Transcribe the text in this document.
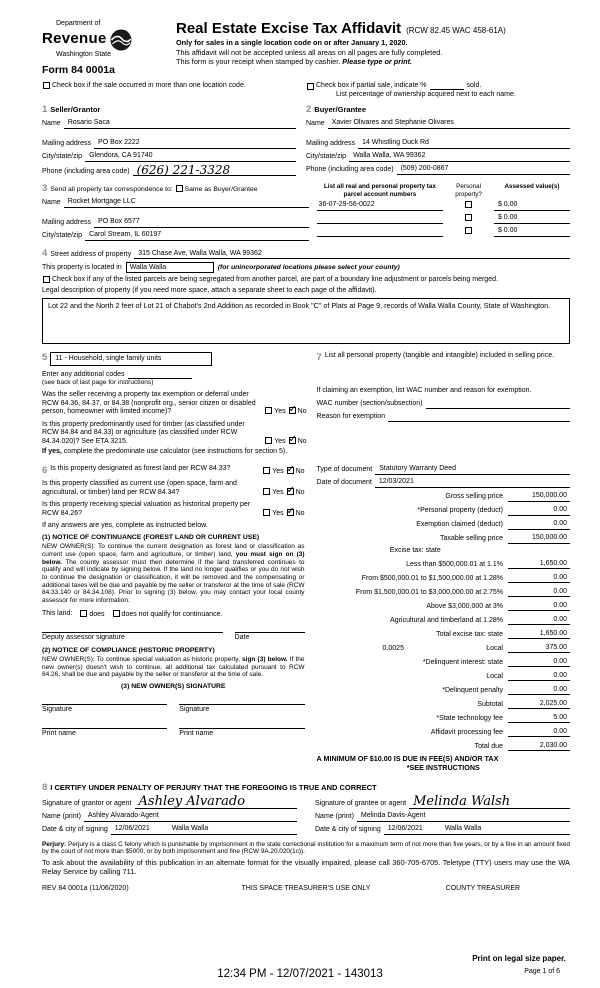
Department of
Revenue
Washington State
Form 84 0001a
Real Estate Excise Tax Affidavit (RCW 82.45 WAC 458-61A)
Only for sales in a single location code on or after January 1, 2020.
This affidavit will not be accepted unless all areas on all pages are fully completed.
This form is your receipt when stamped by cashier. Please type or print.
Check box if the sale occurred in more than one location code.	Check box if partial sale, indicate %	sold.
List percentage of ownership acquired next to each name.
1 Seller/Grantor
Name	Rosario Saca
Mailing address	PO Box 2222
City/state/zip	Glendora, CA 91740
Phone (including area code) (626) 221-3328
2 Buyer/Grantee
Name	Xavier Olivares and Stephanie Olivares
Mailing address	14 Whistling Duck Rd
City/state/zip	Walla Walla, WA 99362
Phone (including area code)	(509) 200-0867
3 Send all property tax correspondence to: Same as Buyer/Grantee
Name	Rocket Mortgage LLC
Mailing address	PO Box 6577
City/state/zip	Carol Stream, IL 60197
List all real and personal property tax parcel account numbers
Personal property?
Assessed value(s)
36-07-29-56-0022	$ 0.00
$ 0.00
$ 0.00
4 Street address of property	315 Chase Ave, Walla Walla, WA 99362
This property is located in	Walla Walla	(for unincorporated locations please select your county)
Check box if any of the listed parcels are being segregated from another parcel, are part of a boundary line adjustment or parcels being merged.
Legal description of property (if you need more space, attach a separate sheet to each page of the affidavit).
Lot 22 and the North 2 feet of Lot 21 of Chabot's 2nd Addition as recorded in Book "C" of Plats at Page 9, records of Walla Walla County, State of Washington.
5 11 - Household, single family units
Enter any additional codes
(see back of last page for instructions)
Was the seller receiving a property tax exemption or deferral under RCW 84.36, 84.37, or 84.38 (nonprofit org., senior citizen or disabled person, homeowner with limited income)?	Yes ✓ No
Is this property predominantly used for timber (as classified under RCW 84.84 and 84.33) or agriculture (as classified under RCW 84.34.020)? See ETA 3215.	Yes ✓ No
If yes, complete the predominate use calculator (see instructions for section 5).
7 List all personal property (tangible and intangible) included in selling price.
If claiming an exemption, list WAC number and reason for exemption.
WAC number (section/subsection)
Reason for exemption
6 Is this property designated as forest land per RCW 84.33?	Yes ✓ No
Is this property classified as current use (open space, farm and agricultural, or timber) land per RCW 84.34?	Yes ✓ No
Is this property receiving special valuation as historical property per RCW 84.26?	Yes ✓ No
If any answers are yes, complete as instructed below.
(1) NOTICE OF CONTINUANCE (FOREST LAND OR CURRENT USE)
NEW OWNER(S): To continue the current designation as forest land or classification as current use (open space, farm and agriculture, or timber) land, you must sign on (3) below. The county assessor must then determine if the land transferred continues to qualify and will indicate by signing below. If the land no longer qualifies or you do not wish to continue the designation or classification, it will be removed and the compensating or additional taxes will be due and payable by the seller or transferor at the time of sale (RCW 84.33.140 or 84.34.108). Prior to signing (3) below, you may contact your local county assessor for more information.
This land:	does	does not qualify for continuance.
Deputy assessor signature	Date
(2) NOTICE OF COMPLIANCE (HISTORIC PROPERTY)
NEW OWNER(S): To continue special valuation as historic property, sign (3) below. If the new owner(s) doesn't wish to continue, all additional tax calculated pursuant to RCW 84.26, shall be due and payable by the seller or transferor at the time of sale.
(3) NEW OWNER(S) SIGNATURE
Signature	Signature
Print name	Print name
Type of document	Statutory Warranty Deed
Date of document	12/03/2021
Gross selling price	150,000.00
*Personal property (deduct)	0.00
Exemption claimed (deduct)	0.00
Taxable selling price	150,000.00
Excise tax: state
Less than $500,000.01 at 1.1%	1,650.00
From $500,000.01 to $1,500,000.00 at 1.28%	0.00
From $1,500,000.01 to $3,000,000.00 at 2.75%	0.00
Above $3,000,000 at 3%	0.00
Agricultural and timberland at 1.28%	0.00
Total excise tax: state	1,650.00
0.0025	Local	375.00
*Delinquent interest: state	0.00
Local	0.00
*Delinquent penalty	0.00
Subtotal	2,025.00
*State technology fee	5.00
Affidavit processing fee	0.00
Total due	2,030.00
A MINIMUM OF $10.00 IS DUE IN FEE(S) AND/OR TAX
*SEE INSTRUCTIONS
8 I CERTIFY UNDER PENALTY OF PERJURY THAT THE FOREGOING IS TRUE AND CORRECT
Signature of grantor or agent Ashley Alvarado
Name (print)	Ashley Alvarado-Agent
Date & city of signing	12/06/2021	Walla Walla
Signature of grantee or agent Melinda Walsh
Name (print)	Melinda Davis-Agent
Date & city of signing	12/06/2021	Walla Walla
Perjury: Perjury is a class C felony which is punishable by imprisonment in the state correctional institution for a maximum term of not more than five years, or by a fine in an amount fixed by the court of not more than $5000, or by both imprisonment and fine (RCW 9A.20.020(1c)).
To ask about the availability of this publication in an alternate format for the visually impaired, please call 360-705-6705. Teletype (TTY) users may use the WA Relay Service by calling 711.
REV 84 0001a (11/06/2020)	THIS SPACE TREASURER'S USE ONLY	COUNTY TREASURER
Print on legal size paper.
Page 1 of 6
12:34 PM - 12/07/2021 - 143013
